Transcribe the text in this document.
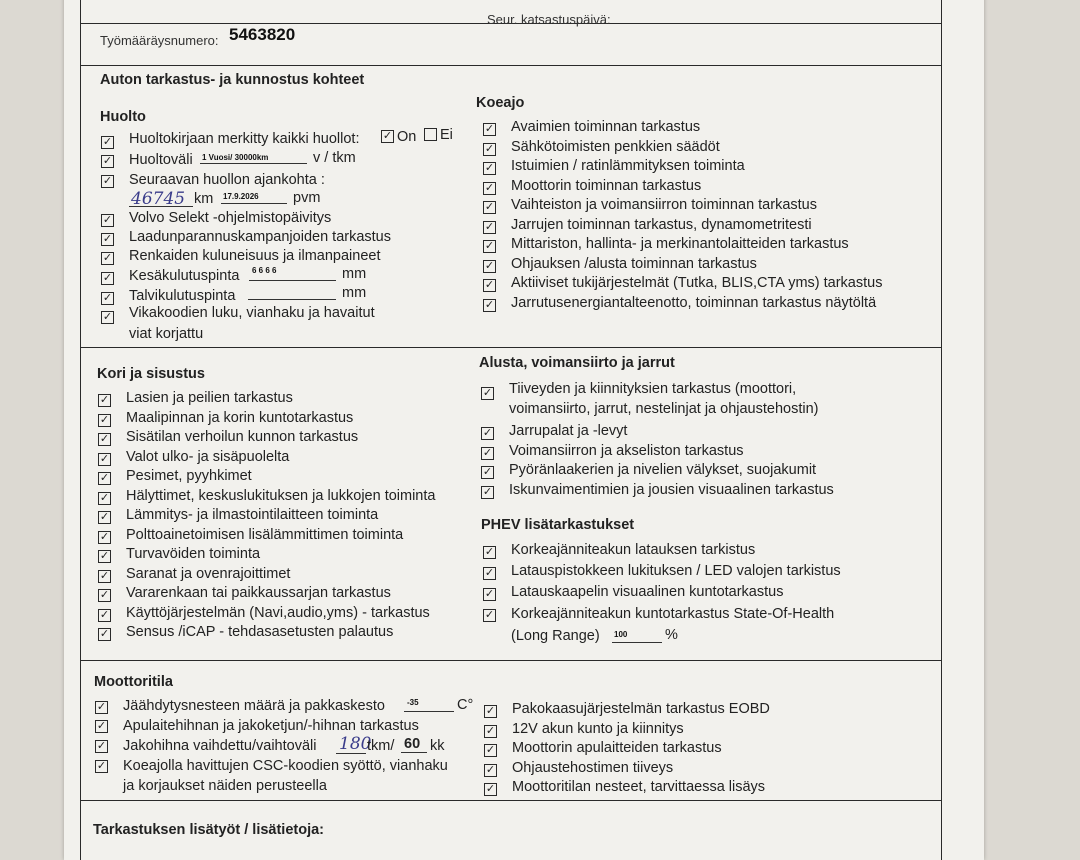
Työmääräysnumero: 5463820
Seur. katsastuspäivä:
Auton tarkastus- ja kunnostus kohteet
Huolto
✓ Huoltokirjaan merkitty kaikki huollot: ✓ On Ei
✓ Huoltoväli 1 Vuosi/ 30000km	v / tkm
✓ Seuraavan huollon ajankohta :
46745 km 17.9.2026 pvm
✓ Volvo Selekt -ohjelmistopäivitys
✓ Laadunparannuskampanjoiden tarkastus
✓ Renkaiden kuluneisuus ja ilmanpaineet
✓ Kesäkulutuspinta 6 6 6 6	mm
✓ Talvikulutuspinta	mm
✓ Vikakoodien luku, vianhaku ja havaitut
viat korjattu
Koeajo
✓ Avaimien toiminnan tarkastus
✓ Sähkötoimisten penkkien säädöt
✓ Istuimien / ratinlämmityksen toiminta
✓ Moottorin toiminnan tarkastus
✓ Vaihteiston ja voimansiirron toiminnan tarkastus
✓ Jarrujen toiminnan tarkastus, dynamometritesti
✓ Mittariston, hallinta- ja merkinantolaitteiden tarkastus
✓ Ohjauksen /alusta toiminnan tarkastus
✓ Aktiiviset tukijärjestelmät (Tutka, BLIS,CTA yms) tarkastus
✓ Jarrutusenergiantalteenotto, toiminnan tarkastus näytöltä
Kori ja sisustus
✓ Lasien ja peilien tarkastus
✓ Maalipinnan ja korin kuntotarkastus
✓ Sisätilan verhoilun kunnon tarkastus
✓ Valot ulko- ja sisäpuolelta
✓ Pesimet, pyyhkimet
✓ Hälyttimet, keskuslukituksen ja lukkojen toiminta
✓ Lämmitys- ja ilmastointilaitteen toiminta
✓ Polttoainetoimisen lisälämmittimen toiminta
✓ Turvavöiden toiminta
✓ Saranat ja ovenrajoittimet
✓ Vararenkaan tai paikkaussarjan tarkastus
✓ Käyttöjärjestelmän (Navi,audio,yms) - tarkastus
✓ Sensus /iCAP - tehdasasetusten palautus
Alusta, voimansiirto ja jarrut
✓ Tiiveyden ja kiinnityksien tarkastus (moottori,
voimansiirto, jarrut, nestelinjat ja ohjaustehostin)
✓ Jarrupalat ja -levyt
✓ Voimansiirron ja akseliston tarkastus
✓ Pyöränlaakerien ja nivelien välykset, suojakumit
✓ Iskunvaimentimien ja jousien visuaalinen tarkastus
PHEV lisätarkastukset
✓ Korkeajänniteakun latauksen tarkistus
✓ Latauspistokkeen lukituksen / LED valojen tarkistus
✓ Latauskaapelin visuaalinen kuntotarkastus
✓ Korkeajänniteakun kuntotarkastus State-Of-Health
(Long Range) 100	%
Moottoritila
✓ Jäähdytysnesteen määrä ja pakkaskesto	-35	C°
✓ Apulaitehihnan ja jakoketjun/-hihnan tarkastus
✓ Jakohihna vaihdettu/vaihtoväli 180
tkm/ 60 kk
✓ Koeajolla havittujen CSC-koodien syöttö, vianhaku
ja korjaukset näiden perusteella
✓ Pakokaasujärjestelmän tarkastus EOBD
✓ 12V akun kunto ja kiinnitys
✓ Moottorin apulaitteiden tarkastus
✓ Ohjaustehostimen tiiveys
✓ Moottoritilan nesteet, tarvittaessa lisäys
Tarkastuksen lisätyöt / lisätietoja:
